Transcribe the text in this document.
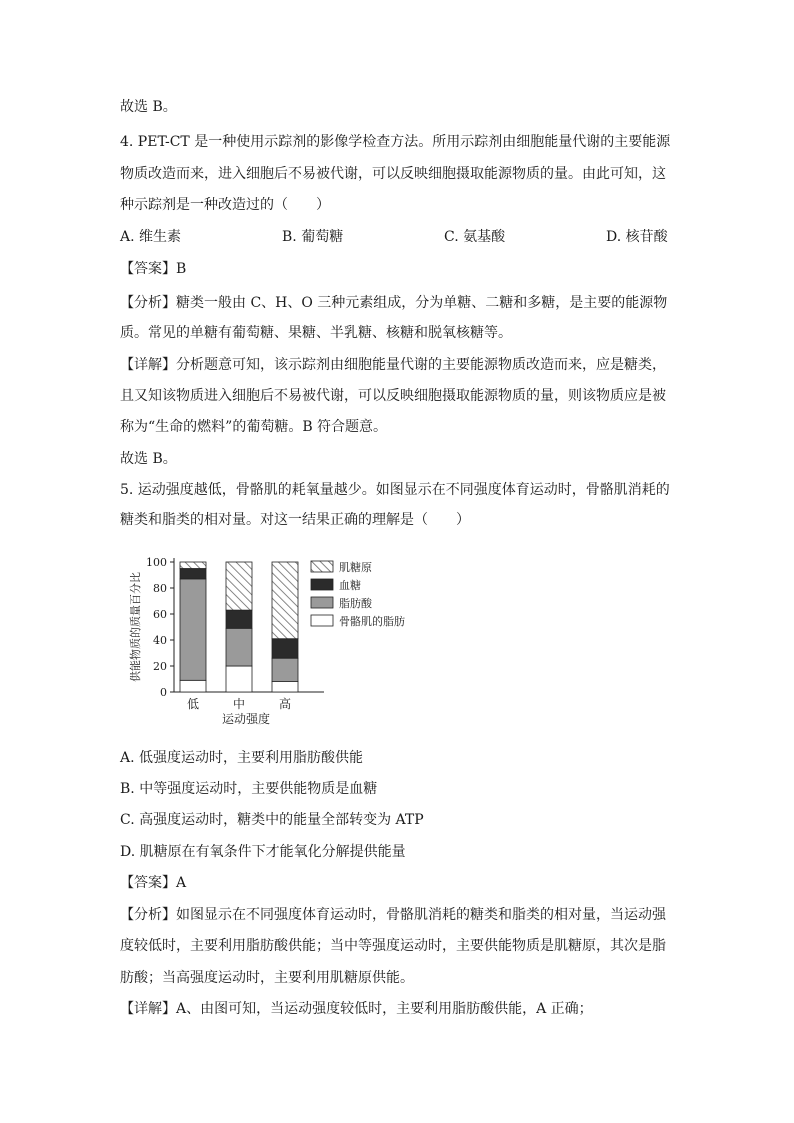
故选 B。
4. PET-CT 是一种使用示踪剂的影像学检查方法。所用示踪剂由细胞能量代谢的主要能源
物质改造而来，进入细胞后不易被代谢，可以反映细胞摄取能源物质的量。由此可知，这
种示踪剂是一种改造过的（　　）
A. 维生素	B. 葡萄糖	C. 氨基酸	D. 核苷酸
【答案】B
【分析】糖类一般由 C、H、O 三种元素组成，分为单糖、二糖和多糖，是主要的能源物
质。常见的单糖有葡萄糖、果糖、半乳糖、核糖和脱氧核糖等。
【详解】分析题意可知，该示踪剂由细胞能量代谢的主要能源物质改造而来，应是糖类，
且又知该物质进入细胞后不易被代谢，可以反映细胞摄取能源物质的量，则该物质应是被
称为“生命的燃料”的葡萄糖。B 符合题意。
故选 B。
5. 运动强度越低，骨骼肌的耗氧量越少。如图显示在不同强度体育运动时，骨骼肌消耗的
糖类和脂类的相对量。对这一结果正确的理解是（　　）
供能物质的质量百分比
运动强度
0
20
40
60
80
100
低	中	高
肌糖原
血糖
脂肪酸
骨骼肌的脂肪
A. 低强度运动时，主要利用脂肪酸供能
B. 中等强度运动时，主要供能物质是血糖
C. 高强度运动时，糖类中的能量全部转变为 ATP
D. 肌糖原在有氧条件下才能氧化分解提供能量
【答案】A
【分析】如图显示在不同强度体育运动时，骨骼肌消耗的糖类和脂类的相对量，当运动强
度较低时，主要利用脂肪酸供能；当中等强度运动时，主要供能物质是肌糖原，其次是脂
肪酸；当高强度运动时，主要利用肌糖原供能。
【详解】A、由图可知，当运动强度较低时，主要利用脂肪酸供能，A 正确；
